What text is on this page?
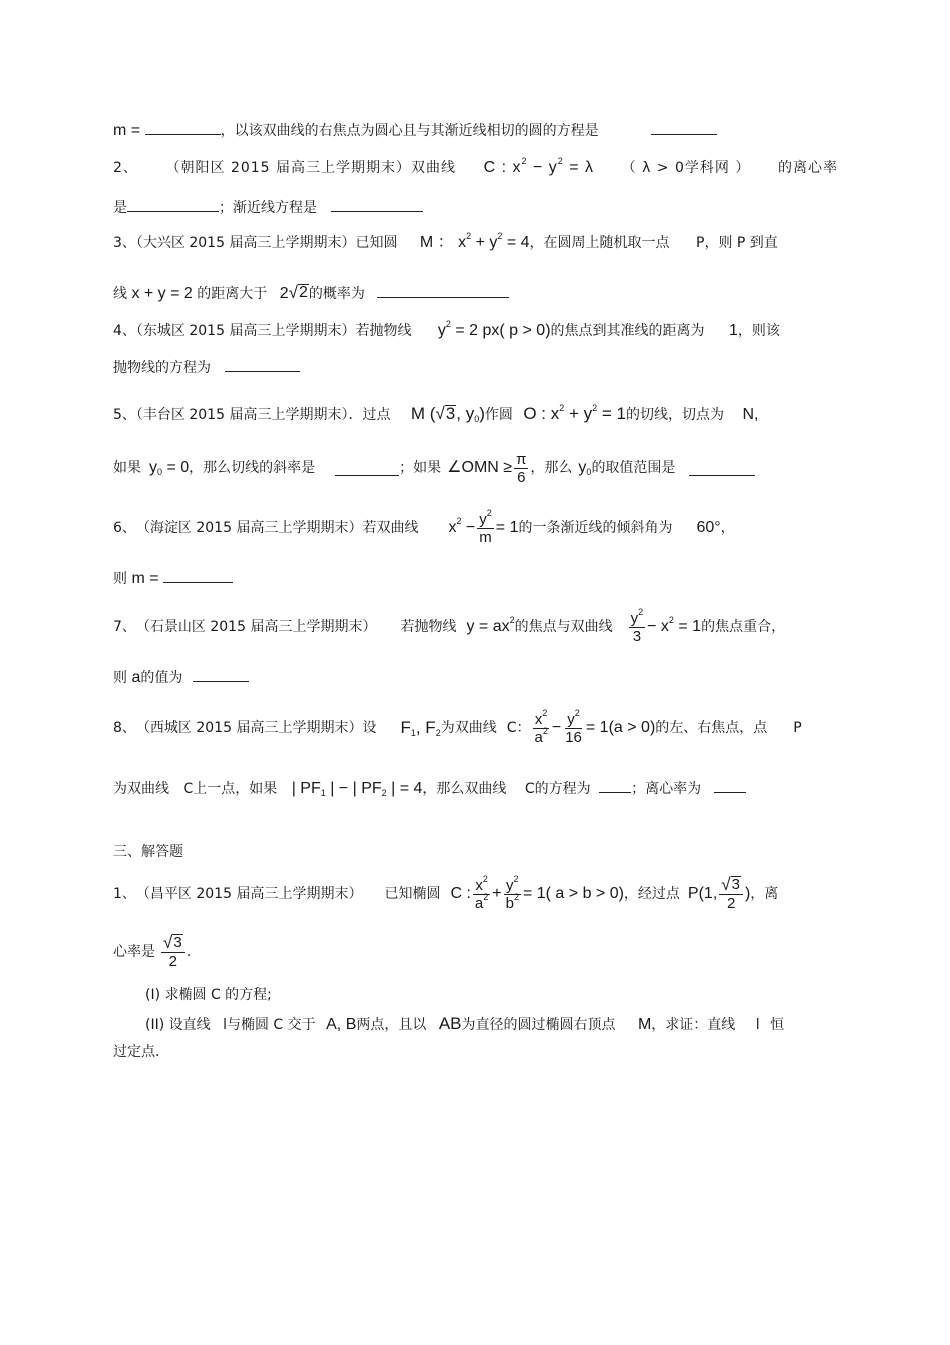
m =	，以该双曲线的右焦点为圆心且与其渐近线相切的圆的方程是
2、 （朝阳区 2015 届高三上学期期末）双曲线 C : $x^2 - y^2 = \lambda$ （ λ > 0学科网 ） 的离心率
是	；渐近线方程是
3、（大兴区 2015 届高三上学期期末）已知圆 M ： $x^2 + y^2 = 4$，在圆周上随机取一点 P，则 P 到直
线 x + y = 2 的距离大于 2 √ 2 的概率为
4、（东城区 2015 届高三上学期期末）若抛物线 $y^2 = 2$ px( p > 0)的焦点到其准线的距离为 1，则该
抛物线的方程为
5、（丰台区 2015 届高三上学期期末）．过点 M ( √ 3 , $y_0$)作圆 O : $x^2 + y^2 = 1$的切线，切点为 N,
如果 $y_0 = 0$ ，那么切线的斜率是	；如果 ∠OMN ≥ $\frac{\pi}{6}$ ，那么 $y_0$ 的取值范围是
6、 （海淀区 2015 届高三上学期期末）若双曲线 $x^2 - \frac{y^2}{m} = 1$ 的一条渐近线的倾斜角为 60° ，
则 m =
7、 （石景山区 2015 届高三上学期期末） 若抛物线 $y = ax^2$ 的焦点与双曲线 $\frac{y^2}{3} - x^2 = 1$ 的焦点重合，
则 a的值为
8、 （西城区 2015 届高三上学期期末）设 $F_1$, $F_2$ 为双曲线 C： $\frac{x^2}{a^2} - \frac{y^2}{16} = 1(a > 0)$ 的左、右焦点，点 P
为双曲线 C上一点，如果 | $PF_1$ | − | $PF_2$ | = 4，那么双曲线 C的方程为	；离心率为
三、解答题
1、 （昌平区 2015 届高三上学期期末） 已知椭圆 C : $\frac{x^2}{a^2} + \frac{y^2}{b^2} = 1$( a > b > 0) ，经过点 P(1, $\frac{√ 3}{2}$ ) ，离
心率是 $\frac{√ 3}{2}$ .
(I) 求椭圆 C 的方程;
(II) 设直线 l与椭圆 C 交于 A, B两点，且以 AB为直径的圆过椭圆右顶点 M，求证：直线 l 恒
过定点.
